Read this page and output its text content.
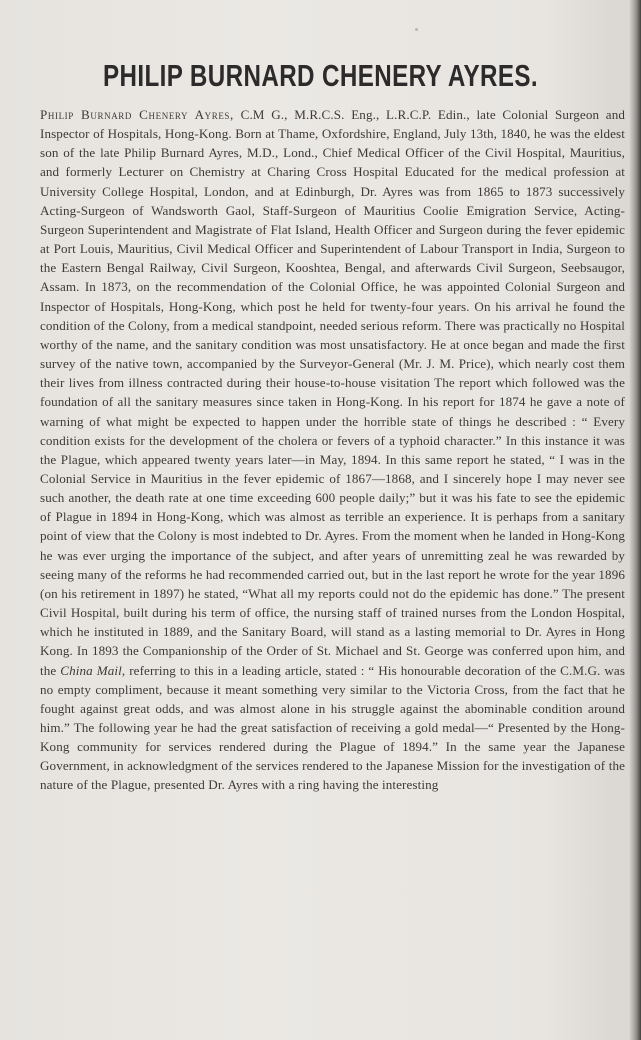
PHILIP BURNARD CHENERY AYRES.
Philip Burnard Chenery Ayres, C.M G., M.R.C.S. Eng., L.R.C.P. Edin., late Colonial Surgeon and Inspector of Hospitals, Hong-Kong. Born at Thame, Oxfordshire, England, July 13th, 1840, he was the eldest son of the late Philip Burnard Ayres, M.D., Lond., Chief Medical Officer of the Civil Hospital, Mauritius, and formerly Lecturer on Chemistry at Charing Cross Hospital Educated for the medical profession at University College Hospital, London, and at Edinburgh, Dr. Ayres was from 1865 to 1873 successively Acting-Surgeon of Wandsworth Gaol, Staff-Surgeon of Mauritius Coolie Emigration Service, Acting-Surgeon Superintendent and Magistrate of Flat Island, Health Officer and Surgeon during the fever epidemic at Port Louis, Mauritius, Civil Medical Officer and Superintendent of Labour Transport in India, Surgeon to the Eastern Bengal Railway, Civil Surgeon, Kooshtea, Bengal, and afterwards Civil Surgeon, Seebsaugor, Assam. In 1873, on the recommendation of the Colonial Office, he was appointed Colonial Surgeon and Inspector of Hospitals, Hong-Kong, which post he held for twenty-four years. On his arrival he found the condition of the Colony, from a medical standpoint, needed serious reform. There was practically no Hospital worthy of the name, and the sanitary condition was most unsatisfactory. He at once began and made the first survey of the native town, accompanied by the Surveyor-General (Mr. J. M. Price), which nearly cost them their lives from illness contracted during their house-to-house visitation The report which followed was the foundation of all the sanitary measures since taken in Hong-Kong. In his report for 1874 he gave a note of warning of what might be expected to happen under the horrible state of things he described : “ Every condition exists for the development of the cholera or fevers of a typhoid character.” In this instance it was the Plague, which appeared twenty years later—in May, 1894. In this same report he stated, “ I was in the Colonial Service in Mauritius in the fever epidemic of 1867—1868, and I sincerely hope I may never see such another, the death rate at one time exceeding 600 people daily;” but it was his fate to see the epidemic of Plague in 1894 in Hong-Kong, which was almost as terrible an experience. It is perhaps from a sanitary point of view that the Colony is most indebted to Dr. Ayres. From the moment when he landed in Hong-Kong he was ever urging the importance of the subject, and after years of unremitting zeal he was rewarded by seeing many of the reforms he had recommended carried out, but in the last report he wrote for the year 1896 (on his retirement in 1897) he stated, “What all my reports could not do the epidemic has done.” The present Civil Hospital, built during his term of office, the nursing staff of trained nurses from the London Hospital, which he instituted in 1889, and the Sanitary Board, will stand as a lasting memorial to Dr. Ayres in Hong Kong. In 1893 the Companionship of the Order of St. Michael and St. George was conferred upon him, and the China Mail, referring to this in a leading article, stated : “ His honourable decoration of the C.M.G. was no empty compliment, because it meant something very similar to the Victoria Cross, from the fact that he fought against great odds, and was almost alone in his struggle against the abominable condition around him.” The following year he had the great satisfaction of receiving a gold medal—“ Presented by the Hong-Kong community for services rendered during the Plague of 1894.” In the same year the Japanese Government, in acknowledgment of the services rendered to the Japanese Mission for the investigation of the nature of the Plague, presented Dr. Ayres with a ring having the interesting
